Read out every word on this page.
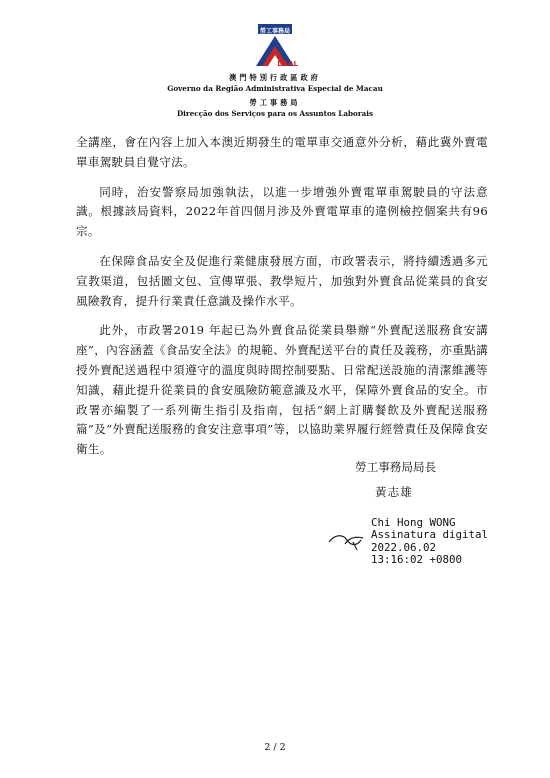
勞工事務局
DSAL
澳門特別行政區政府
Governo da Região Administrativa Especial de Macau
勞工事務局
Direcção dos Serviços para os Assuntos Laborais

全講座，會在內容上加入本澳近期發生的電單車交通意外分析，藉此冀外賣電單車駕駛員自覺守法。

同時，治安警察局加強執法，以進一步增強外賣電單車駕駛員的守法意識。根據該局資料，2022年首四個月涉及外賣電單車的違例檢控個案共有96宗。

在保障食品安全及促進行業健康發展方面，市政署表示，將持續透過多元宣教渠道，包括圖文包、宣傳單張、教學短片，加強對外賣食品從業員的食安風險教育，提升行業責任意識及操作水平。

此外，市政署2019 年起已為外賣食品從業員舉辦“外賣配送服務食安講座”，內容涵蓋《食品安全法》的規範、外賣配送平台的責任及義務，亦重點講授外賣配送過程中須遵守的溫度與時間控制要點、日常配送設施的清潔維護等知識，藉此提升從業員的食安風險防範意識及水平，保障外賣食品的安全。市政署亦編製了一系列衛生指引及指南，包括“網上訂購餐飲及外賣配送服務篇”及“外賣配送服務的食安注意事項”等，以協助業界履行經營責任及保障食安衛生。

勞工事務局局長
黃志雄
Chi Hong WONG
Assinatura digital
2022.06.02
13:16:02 +0800
2 / 2
